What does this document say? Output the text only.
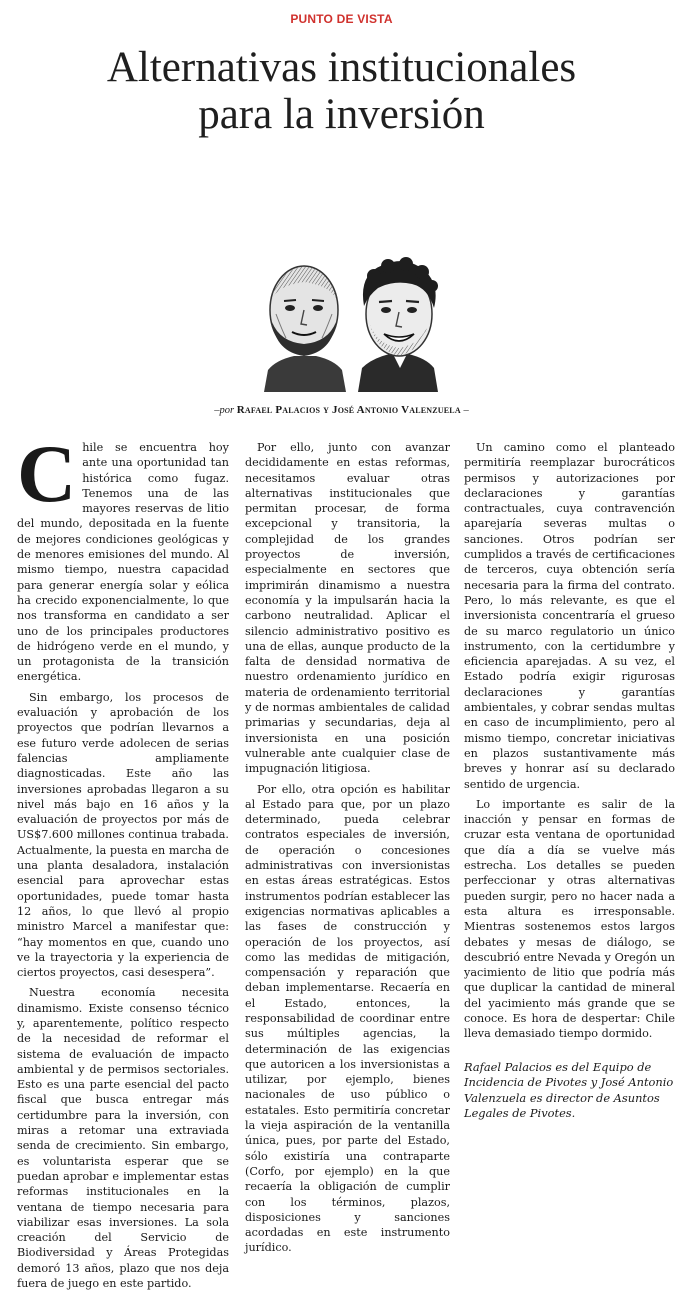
PUNTO DE VISTA
Alternativas institucionales
para la inversión
–por Rafael Palacios y José Antonio Valenzuela –

Chile se encuentra hoy ante una oportunidad tan histórica como fugaz. Tenemos una de las mayores reservas de litio del mundo, depositada en la fuente de mejores condiciones geológicas y de menores emisiones del mundo. Al mismo tiempo, nuestra capacidad para generar energía solar y eólica ha crecido exponencialmente, lo que nos transforma en candidato a ser uno de los principales productores de hidrógeno verde en el mundo, y un protagonista de la transición energética.

Sin embargo, los procesos de evaluación y aprobación de los proyectos que podrían llevarnos a ese futuro verde adolecen de serias falencias ampliamente diagnosticadas. Este año las inversiones aprobadas llegaron a su nivel más bajo en 16 años y la evaluación de proyectos por más de US$7.600 millones continua trabada. Actualmente, la puesta en marcha de una planta desaladora, instalación esencial para aprovechar estas oportunidades, puede tomar hasta 12 años, lo que llevó al propio ministro Marcel a manifestar que: “hay momentos en que, cuando uno ve la trayectoria y la experiencia de ciertos proyectos, casi desespera”.

Nuestra economía necesita dinamismo. Existe consenso técnico y, aparentemente, político respecto de la necesidad de reformar el sistema de evaluación de impacto ambiental y de permisos sectoriales. Esto es una parte esencial del pacto fiscal que busca entregar más certidumbre para la inversión, con miras a retomar una extraviada senda de crecimiento. Sin embargo, es voluntarista esperar que se puedan aprobar e implementar estas reformas institucionales en la ventana de tiempo necesaria para viabilizar esas inversiones. La sola creación del Servicio de Biodiversidad y Áreas Protegidas demoró 13 años, plazo que nos deja fuera de juego en este partido.

Por ello, junto con avanzar decididamente en estas reformas, necesitamos evaluar otras alternativas institucionales que permitan procesar, de forma excepcional y transitoria, la complejidad de los grandes proyectos de inversión, especialmente en sectores que imprimirán dinamismo a nuestra economía y la impulsarán hacia la carbono neutralidad. Aplicar el silencio administrativo positivo es una de ellas, aunque producto de la falta de densidad normativa de nuestro ordenamiento jurídico en materia de ordenamiento territorial y de normas ambientales de calidad primarias y secundarias, deja al inversionista en una posición vulnerable ante cualquier clase de impugnación litigiosa.

Por ello, otra opción es habilitar al Estado para que, por un plazo determinado, pueda celebrar contratos especiales de inversión, de operación o concesiones administrativas con inversionistas en estas áreas estratégicas. Estos instrumentos podrían establecer las exigencias normativas aplicables a las fases de construcción y operación de los proyectos, así como las medidas de mitigación, compensación y reparación que deban implementarse. Recaería en el Estado, entonces, la responsabilidad de coordinar entre sus múltiples agencias, la determinación de las exigencias que autoricen a los inversionistas a utilizar, por ejemplo, bienes nacionales de uso público o estatales. Esto permitiría concretar la vieja aspiración de la ventanilla única, pues, por parte del Estado, sólo existiría una contraparte (Corfo, por ejemplo) en la que recaería la obligación de cumplir con los términos, plazos, disposiciones y sanciones acordadas en este instrumento jurídico.

Un camino como el planteado permitiría reemplazar burocráticos permisos y autorizaciones por declaraciones y garantías contractuales, cuya contravención aparejaría severas multas o sanciones. Otros podrían ser cumplidos a través de certificaciones de terceros, cuya obtención sería necesaria para la firma del contrato. Pero, lo más relevante, es que el inversionista concentraría el grueso de su marco regulatorio un único instrumento, con la certidumbre y eficiencia aparejadas. A su vez, el Estado podría exigir rigurosas declaraciones y garantías ambientales, y cobrar sendas multas en caso de incumplimiento, pero al mismo tiempo, concretar iniciativas en plazos sustantivamente más breves y honrar así su declarado sentido de urgencia.

Lo importante es salir de la inacción y pensar en formas de cruzar esta ventana de oportunidad que día a día se vuelve más estrecha. Los detalles se pueden perfeccionar y otras alternativas pueden surgir, pero no hacer nada a esta altura es irresponsable. Mientras sostenemos estos largos debates y mesas de diálogo, se descubrió entre Nevada y Oregón un yacimiento de litio que podría más que duplicar la cantidad de mineral del yacimiento más grande que se conoce. Es hora de despertar: Chile lleva demasiado tiempo dormido.

Rafael Palacios es del Equipo de Incidencia de Pivotes y José Antonio Valenzuela es director de Asuntos Legales de Pivotes.
